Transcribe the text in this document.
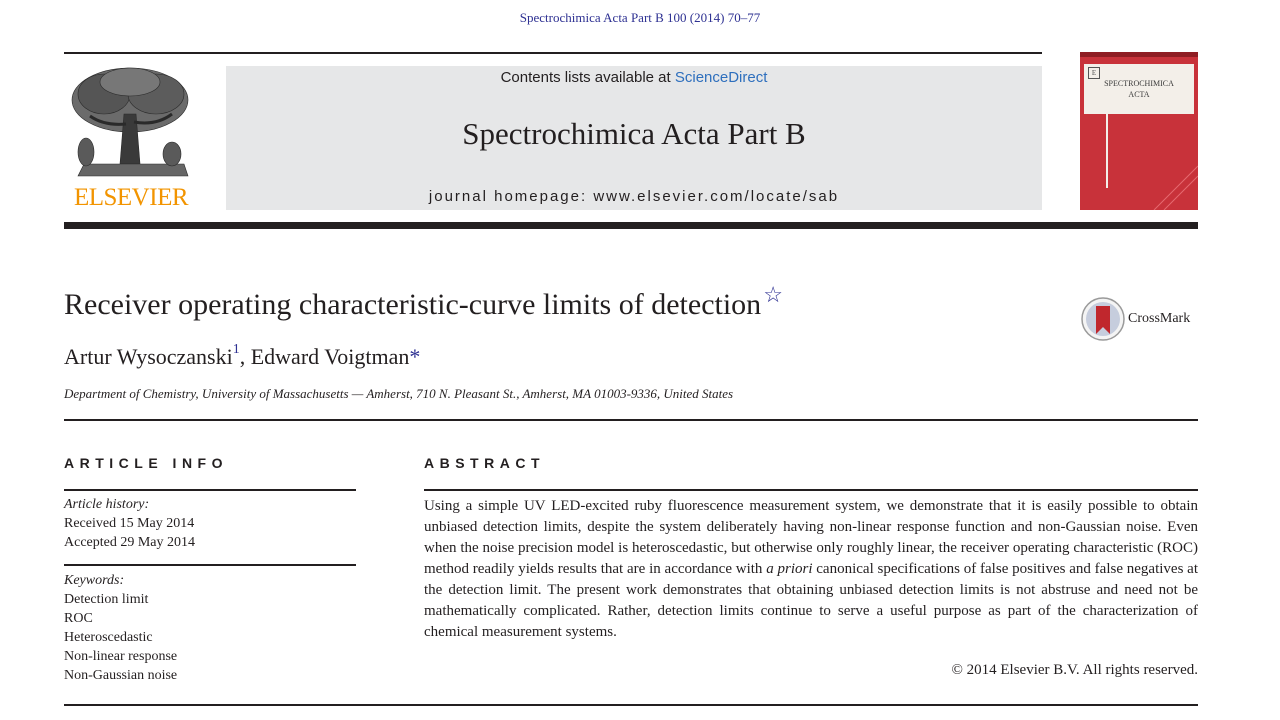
Spectrochimica Acta Part B 100 (2014) 70–77
ELSEVIER
Contents lists available at ScienceDirect
Spectrochimica Acta Part B
journal homepage: www.elsevier.com/locate/sab
E
SPECTROCHIMICA
ACTA
Receiver operating characteristic-curve limits of detection☆
CrossMark
Artur Wysoczanski$^1$, Edward Voigtman*
Department of Chemistry, University of Massachusetts — Amherst, 710 N. Pleasant St., Amherst, MA 01003-9336, United States
ARTICLE INFO	ABSTRACT
Article history:
Received 15 May 2014
Accepted 29 May 2014
Keywords:
Detection limit
ROC
Heteroscedastic
Non-linear response
Non-Gaussian noise
Using a simple UV LED-excited ruby fluorescence measurement system, we demonstrate that it is easily possible to obtain unbiased detection limits, despite the system deliberately having non-linear response function and non-Gaussian noise. Even when the noise precision model is heteroscedastic, but otherwise only roughly linear, the receiver operating characteristic (ROC) method readily yields results that are in accordance with a priori canonical specifications of false positives and false negatives at the detection limit. The present work demonstrates that obtaining unbiased detection limits is not abstruse and need not be mathematically complicated. Rather, detection limits continue to serve a useful purpose as part of the characterization of chemical measurement systems.
© 2014 Elsevier B.V. All rights reserved.
